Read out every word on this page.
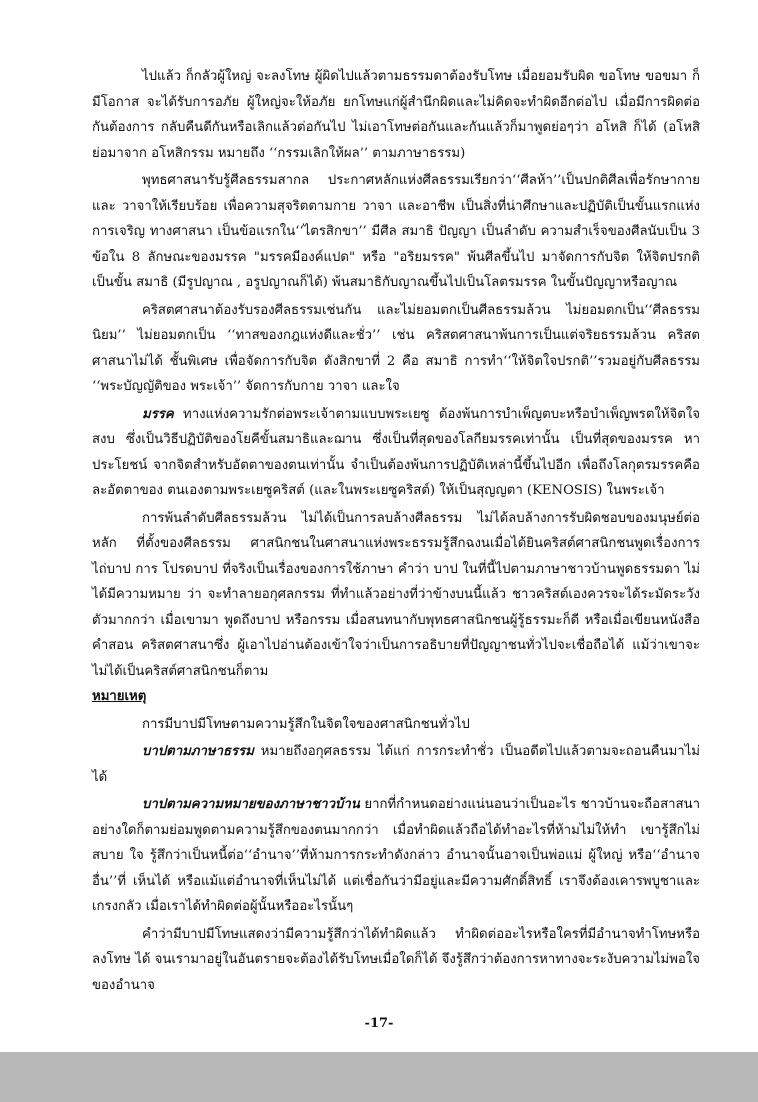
ไปแล้ว ก็กลัวผู้ใหญ่ จะลงโทษ ผู้ผิดไปแล้วตามธรรมดาต้องรับโทษ เมื่อยอมรับผิด ขอโทษ ขอขมา ก็มีโอกาส จะได้รับการอภัย ผู้ใหญ่จะให้อภัย ยกโทษแก่ผู้สำนึกผิดและไม่คิดจะทำผิดอีกต่อไป เมื่อมีการผิดต่อกันต้องการ กลับคืนดีกันหรือเลิกแล้วต่อกันไป ไม่เอาโทษต่อกันและกันแล้วก็มาพูดย่อๆว่า อโหสิ ก็ได้ (อโหสิ ย่อมาจาก อโหสิกรรม หมายถึง ‘‘กรรมเลิกให้ผล’’ ตามภาษาธรรม)

พุทธศาสนารับรู้ศีลธรรมสากล ประกาศหลักแห่งศีลธรรมเรียกว่า‘‘ศีลห้า’’เป็นปกติศีลเพื่อรักษากายและ วาจาให้เรียบร้อย เพื่อความสุจริตตามกาย วาจา และอาชีพ เป็นสิ่งที่น่าศึกษาและปฏิบัติเป็นขั้นแรกแห่งการเจริญ ทางศาสนา เป็นข้อแรกใน‘‘ไตรสิกขา’’ มีศีล สมาธิ ปัญญา เป็นลำดับ ความสำเร็จของศีลนับเป็น 3 ข้อใน 8 ลักษณะของมรรค "มรรคมีองค์แปด" หรือ "อริยมรรค" พ้นศีลขึ้นไป มาจัดการกับจิต ให้จิตปรกติ เป็นขั้น สมาธิ (มีรูปญาณ , อรูปญาณก็ได้) พ้นสมาธิกับญาณขึ้นไปเป็นโลตรมรรค ในขั้นปัญญาหรือญาณ

คริสตศาสนาต้องรับรองศีลธรรมเช่นกัน และไม่ยอมตกเป็นศีลธรรมล้วน ไม่ยอมตกเป็น‘‘ศีลธรรมนิยม’’ ไม่ยอมตกเป็น ‘‘ทาสของกฎแห่งดีและชั่ว’’ เช่น คริสตศาสนาพ้นการเป็นแต่จริยธรรมล้วน คริสตศาสนาไม่ได้ ชั้นพิเศษ เพื่อจัดการกับจิต ดังสิกขาที่ 2 คือ สมาธิ การทำ‘‘ให้จิตใจปรกติ’’รวมอยู่กับศีลธรรม ‘‘พระบัญญัติของ พระเจ้า’’ จัดการกับกาย วาจา และใจ

มรรค ทางแห่งความรักต่อพระเจ้าตามแบบพระเยซู ต้องพ้นการบำเพ็ญตบะหรือบำเพ็ญพรตให้จิตใจสงบ ซึ่งเป็นวิธีปฏิบัติของโยคีขั้นสมาธิและฌาน ซึ่งเป็นที่สุดของโลกียมรรคเท่านั้น เป็นที่สุดของมรรค หาประโยชน์ จากจิตสำหรับอัตตาของตนเท่านั้น จำเป็นต้องพ้นการปฏิบัติเหล่านี้ขึ้นไปอีก เพื่อถึงโลกุตรมรรคคือละอัตตาของ ตนเองตามพระเยซูคริสต์ (และในพระเยซูคริสต์) ให้เป็นสุญญตา (KENOSIS) ในพระเจ้า

การพ้นลำดับศีลธรรมล้วน ไม่ได้เป็นการลบล้างศีลธรรม ไม่ได้ลบล้างการรับผิดชอบของมนุษย์ต่อหลัก ที่ตั้งของศีลธรรม ศาสนิกชนในศาสนาแห่งพระธรรมรู้สึกฉงนเมื่อได้ยินคริสต์ศาสนิกชนพูดเรื่องการไถ่บาป การ โปรดบาป ที่จริงเป็นเรื่องของการใช้ภาษา คำว่า บาป ในที่นี้ไปตามภาษาชาวบ้านพูดธรรมดา ไม่ได้มีความหมาย ว่า จะทำลายอกุศลกรรม ที่ทำแล้วอย่างที่ว่าข้างบนนี้แล้ว ชาวคริสต์เองควรจะได้ระมัดระวังตัวมากกว่า เมื่อเขามา พูดถึงบาป หรือกรรม เมื่อสนทนากับพุทธศาสนิกชนผู้รู้ธรรมะก็ดี หรือเมื่อเขียนหนังสือคำสอน คริสตศาสนาซึ่ง ผู้เอาไปอ่านต้องเข้าใจว่าเป็นการอธิบายที่ปัญญาชนทั่วไปจะเชื่อถือได้ แม้ว่าเขาจะไม่ได้เป็นคริสต์ศาสนิกชนก็ตาม

หมายเหตุ

การมีบาปมีโทษตามความรู้สึกในจิตใจของศาสนิกชนทั่วไป

บาปตามภาษาธรรม หมายถึงอกุศลธรรม ได้แก่ การกระทำชั่ว เป็นอดีตไปแล้วตามจะถอนคืนมาไม่ได้

บาปตามความหมายของภาษาชาวบ้าน ยากที่กำหนดอย่างแน่นอนว่าเป็นอะไร ชาวบ้านจะถือสาสนา อย่างใดก็ตามย่อมพูดตามความรู้สึกของตนมากกว่า เมื่อทำผิดแล้วถือได้ทำอะไรที่ห้ามไม่ให้ทำ เขารู้สึกไม่สบาย ใจ รู้สึกว่าเป็นหนี้ต่อ‘‘อำนาจ’’ที่ห้ามการกระทำดังกล่าว อำนาจนั้นอาจเป็นพ่อแม่ ผู้ใหญ่ หรือ‘‘อำนาจอื่น’’ที่ เห็นได้ หรือแม้แต่อำนาจที่เห็นไม่ได้ แต่เชื่อกันว่ามีอยู่และมีความศักดิ์สิทธิ์ เราจึงต้องเคารพบูชาและเกรงกลัว เมื่อเราได้ทำผิดต่อผู้นั้นหรืออะไรนั้นๆ

คำว่ามีบาปมีโทษแสดงว่ามีความรู้สึกว่าได้ทำผิดแล้ว ทำผิดต่ออะไรหรือใครที่มีอำนาจทำโทษหรือลงโทษ ได้ จนเรามาอยู่ในอันตรายจะต้องได้รับโทษเมื่อใดก็ได้ จึงรู้สึกว่าต้องการหาทางจะระงับความไม่พอใจของอำนาจ

-17-
